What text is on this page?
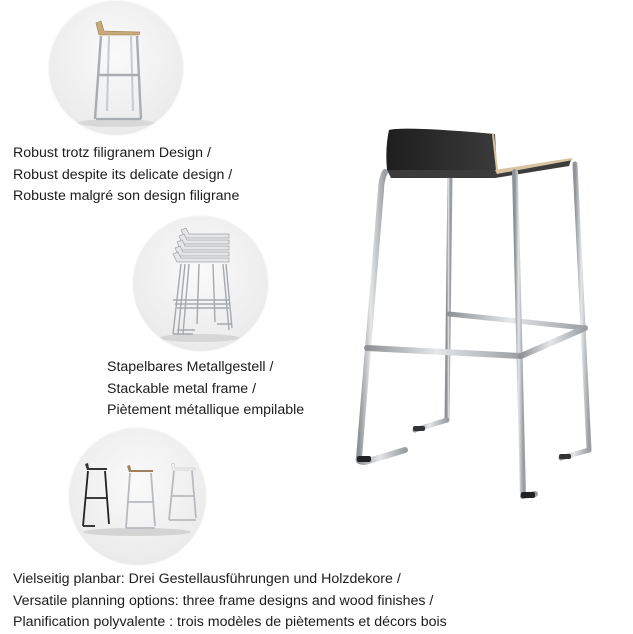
Robust trotz filigranem Design /
Robust despite its delicate design /
Robuste malgré son design filigrane
Stapelbares Metallgestell /
Stackable metal frame /
Piètement métallique empilable
Vielseitig planbar: Drei Gestellausführungen und Holzdekore /
Versatile planning options: three frame designs and wood finishes /
Planification polyvalente : trois modèles de piètements et décors bois
